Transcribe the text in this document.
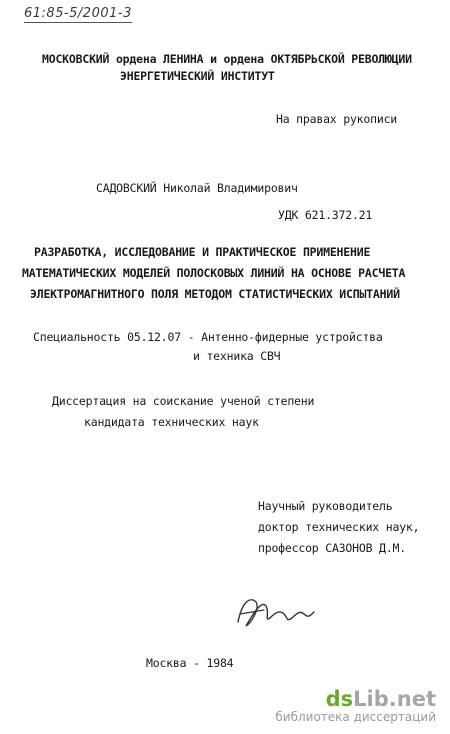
61:85-5/2001-3
МОСКОВСКИЙ ордена ЛЕНИНА и ордена ОКТЯБРЬСКОЙ РЕВОЛЮЦИИ
ЭНЕРГЕТИЧЕСКИЙ ИНСТИТУТ
На правах рукописи
САДОВСКИЙ Николай Владимирович
УДК 621.372.21
РАЗРАБОТКА, ИССЛЕДОВАНИЕ И ПРАКТИЧЕСКОЕ ПРИМЕНЕНИЕ
МАТЕМАТИЧЕСКИХ МОДЕЛЕЙ ПОЛОСКОВЫХ ЛИНИЙ НА ОСНОВЕ РАСЧЕТА
ЭЛЕКТРОМАГНИТНОГО ПОЛЯ МЕТОДОМ СТАТИСТИЧЕСКИХ ИСПЫТАНИЙ
Специальность 05.12.07 - Антенно-фидерные устройства
и техника СВЧ
Диссертация на соискание ученой степени
кандидата технических наук
Научный руководитель
доктор технических наук,
профессор САЗОНОВ Д.М.
Москва - 1984
dsLib.net
библиотека диссертаций
